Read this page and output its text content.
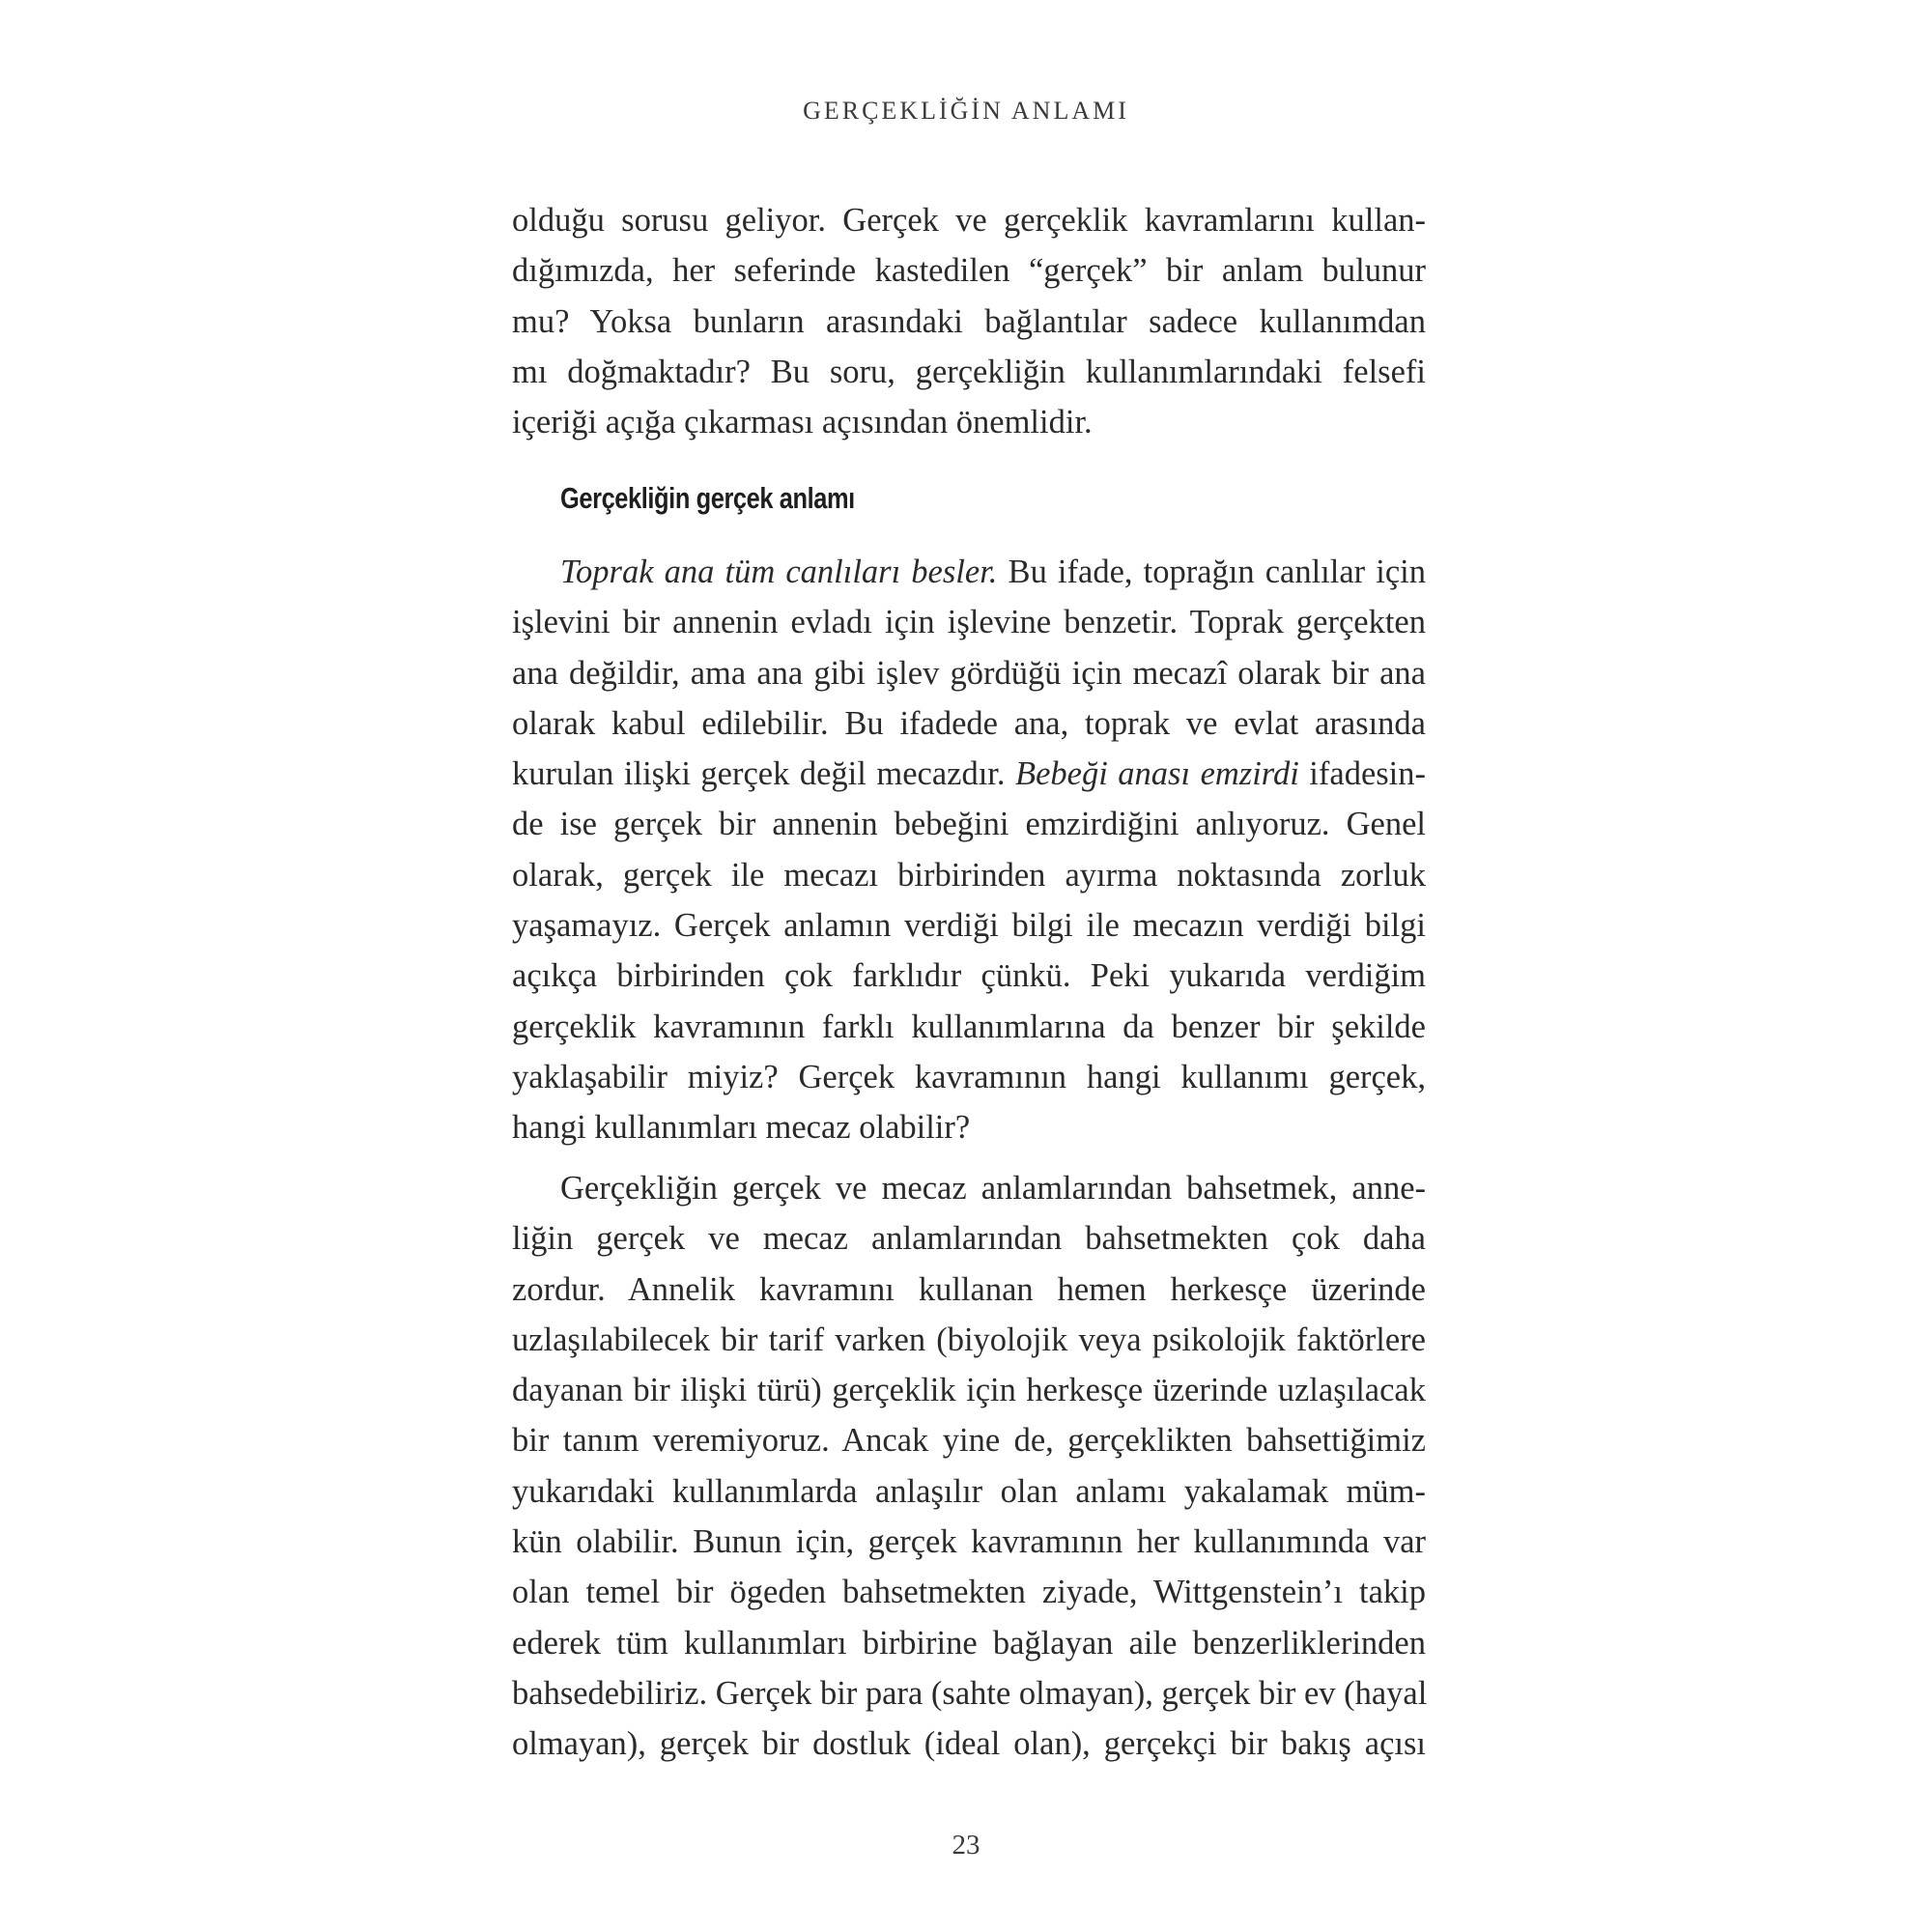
GERÇEKLİĞİN ANLAMI
olduğu sorusu geliyor. Gerçek ve gerçeklik kavramlarını kullan-
dığımızda, her seferinde kastedilen “gerçek” bir anlam bulunur
mu? Yoksa bunların arasındaki bağlantılar sadece kullanımdan
mı doğmaktadır? Bu soru, gerçekliğin kullanımlarındaki felsefi
içeriği açığa çıkarması açısından önemlidir.
Gerçekliğin gerçek anlamı
Toprak ana tüm canlıları besler. Bu ifade, toprağın canlılar için
işlevini bir annenin evladı için işlevine benzetir. Toprak gerçekten
ana değildir, ama ana gibi işlev gördüğü için mecazî olarak bir ana
olarak kabul edilebilir. Bu ifadede ana, toprak ve evlat arasında
kurulan ilişki gerçek değil mecazdır. Bebeği anası emzirdi ifadesin-
de ise gerçek bir annenin bebeğini emzirdiğini anlıyoruz. Genel
olarak, gerçek ile mecazı birbirinden ayırma noktasında zorluk
yaşamayız. Gerçek anlamın verdiği bilgi ile mecazın verdiği bilgi
açıkça birbirinden çok farklıdır çünkü. Peki yukarıda verdiğim
gerçeklik kavramının farklı kullanımlarına da benzer bir şekilde
yaklaşabilir miyiz? Gerçek kavramının hangi kullanımı gerçek,
hangi kullanımları mecaz olabilir?
Gerçekliğin gerçek ve mecaz anlamlarından bahsetmek, anne-
liğin gerçek ve mecaz anlamlarından bahsetmekten çok daha
zordur. Annelik kavramını kullanan hemen herkesçe üzerinde
uzlaşılabilecek bir tarif varken (biyolojik veya psikolojik faktörlere
dayanan bir ilişki türü) gerçeklik için herkesçe üzerinde uzlaşılacak
bir tanım veremiyoruz. Ancak yine de, gerçeklikten bahsettiğimiz
yukarıdaki kullanımlarda anlaşılır olan anlamı yakalamak müm-
kün olabilir. Bunun için, gerçek kavramının her kullanımında var
olan temel bir ögeden bahsetmekten ziyade, Wittgenstein’ı takip
ederek tüm kullanımları birbirine bağlayan aile benzerliklerinden
bahsedebiliriz. Gerçek bir para (sahte olmayan), gerçek bir ev (hayal
olmayan), gerçek bir dostluk (ideal olan), gerçekçi bir bakış açısı
23
